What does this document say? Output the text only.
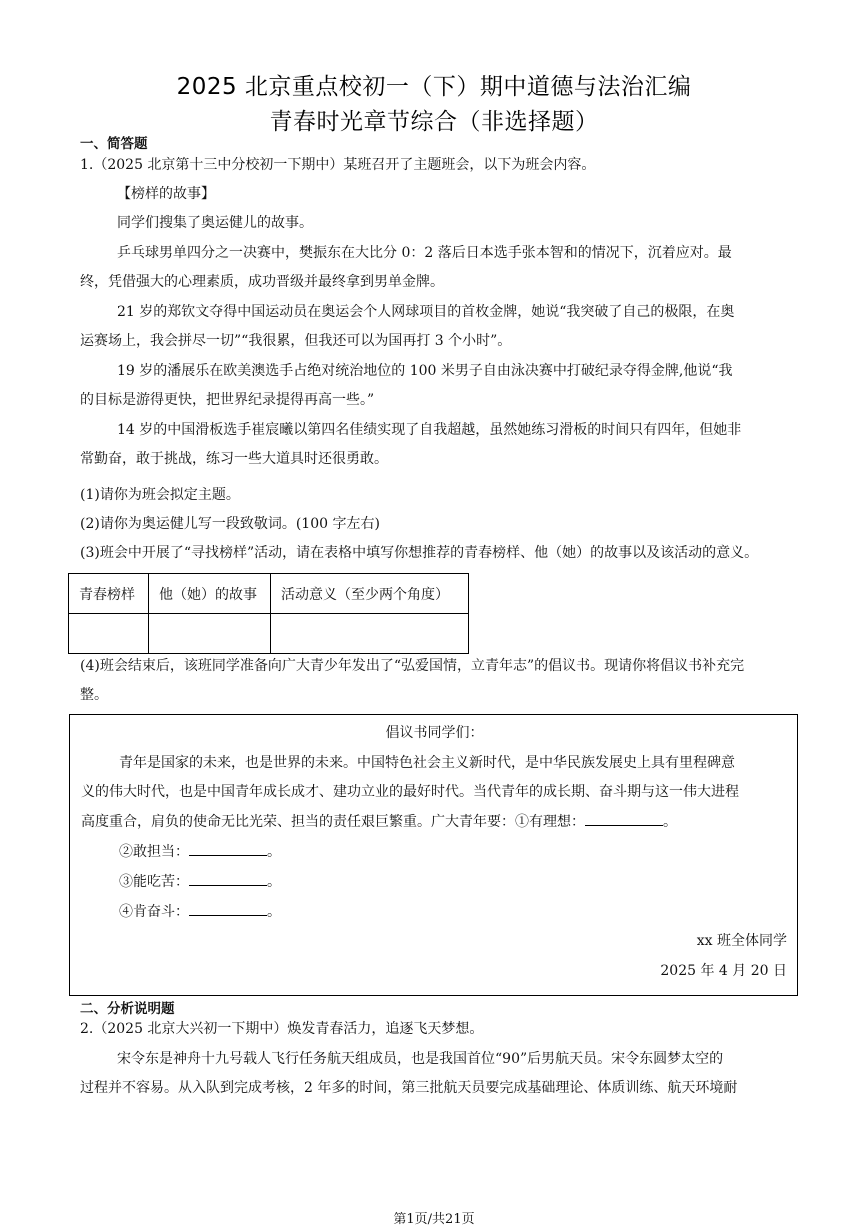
2025 北京重点校初一（下）期中道德与法治汇编
青春时光章节综合（非选择题）
一、简答题
1.（2025 北京第十三中分校初一下期中）某班召开了主题班会，以下为班会内容。
【榜样的故事】
同学们搜集了奥运健儿的故事。
乒乓球男单四分之一决赛中，樊振东在大比分 0：2 落后日本选手张本智和的情况下，沉着应对。最
终，凭借强大的心理素质，成功晋级并最终拿到男单金牌。
21 岁的郑钦文夺得中国运动员在奥运会个人网球项目的首枚金牌，她说“我突破了自己的极限，在奥
运赛场上，我会拼尽一切”“我很累，但我还可以为国再打 3 个小时”。
19 岁的潘展乐在欧美澳选手占绝对统治地位的 100 米男子自由泳决赛中打破纪录夺得金牌,他说“我
的目标是游得更快，把世界纪录提得再高一些。”
14 岁的中国滑板选手崔宸曦以第四名佳绩实现了自我超越，虽然她练习滑板的时间只有四年，但她非
常勤奋，敢于挑战，练习一些大道具时还很勇敢。
(1)请你为班会拟定主题。
(2)请你为奥运健儿写一段致敬词。(100 字左右)
(3)班会中开展了“寻找榜样”活动，请在表格中填写你想推荐的青春榜样、他（她）的故事以及该活动的意义。
青春榜样	他（她）的故事	活动意义（至少两个角度）

(4)班会结束后，该班同学准备向广大青少年发出了“弘爱国情，立青年志”的倡议书。现请你将倡议书补充完
整。
倡议书同学们：
青年是国家的未来，也是世界的未来。中国特色社会主义新时代，是中华民族发展史上具有里程碑意
义的伟大时代，也是中国青年成长成才、建功立业的最好时代。当代青年的成长期、奋斗期与这一伟大进程
高度重合，肩负的使命无比光荣、担当的责任艰巨繁重。广大青年要：①有理想：	。
②敢担当：	。
③能吃苦：	。
④肯奋斗：	。
xx 班全体同学
2025 年 4 月 20 日
二、分析说明题
2.（2025 北京大兴初一下期中）焕发青春活力，追逐飞天梦想。
宋令东是神舟十九号载人飞行任务航天组成员，也是我国首位“90”后男航天员。宋令东圆梦太空的
过程并不容易。从入队到完成考核，2 年多的时间，第三批航天员要完成基础理论、体质训练、航天环境耐
第1页/共21页
